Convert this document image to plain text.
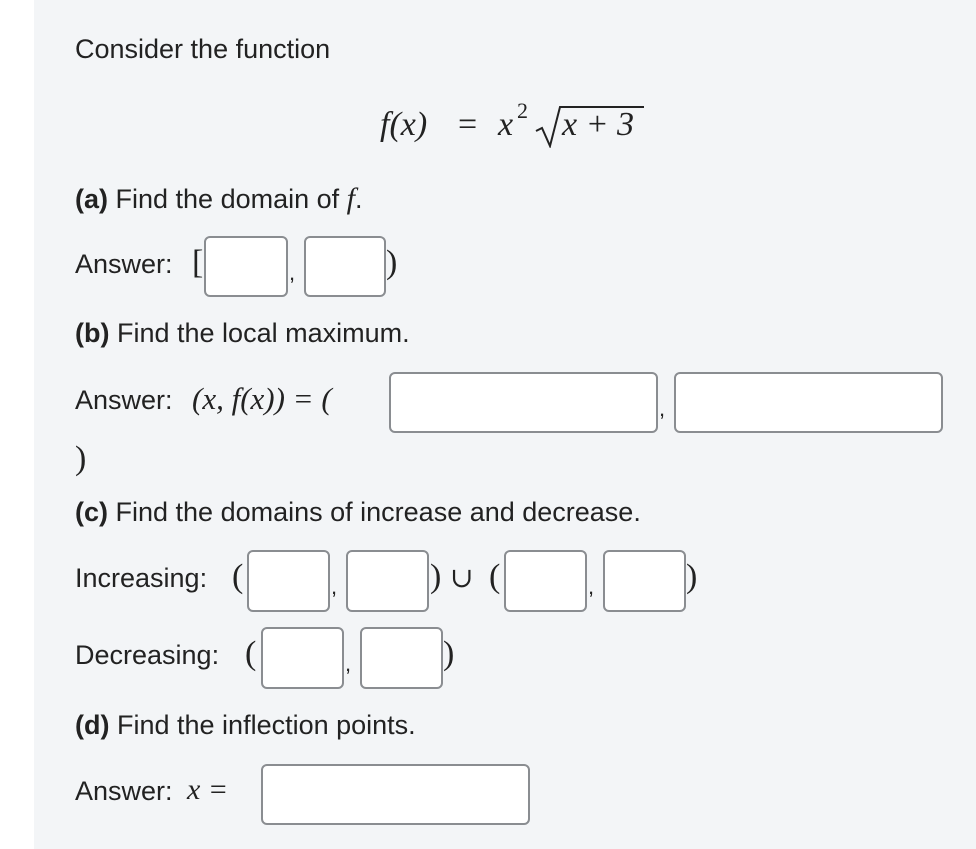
Consider the function
f(x) = x 2 x + 3
(a) Find the domain of f.
Answer: [	,	)
(b) Find the local maximum.
Answer: (x, f(x)) = (	,
)
(c) Find the domains of increase and decrease.
Increasing: (	,	) ∪ (	,	)
Decreasing: (	,	)
(d) Find the inflection points.
Answer: x =
